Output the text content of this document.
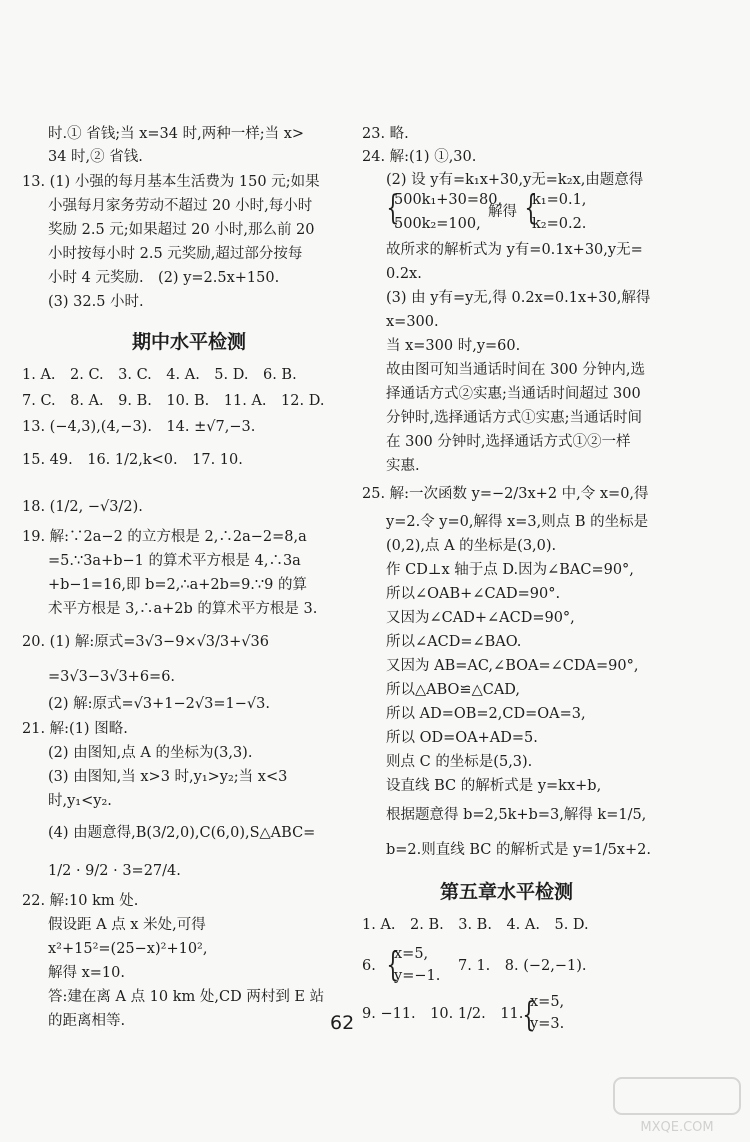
时.① 省钱;当 x=34 时,两种一样;当 x>
34 时,② 省钱.
13. (1) 小强的每月基本生活费为 150 元;如果
小强每月家务劳动不超过 20 小时,每小时
奖励 2.5 元;如果超过 20 小时,那么前 20
小时按每小时 2.5 元奖励,超过部分按每
小时 4 元奖励.　(2) y=2.5x+150.
(3) 32.5 小时.
期中水平检测
1. A.　2. C.　3. C.　4. A.　5. D.　6. B.
7. C.　8. A.　9. B.　10. B.　11. A.　12. D.
13. (−4,3),(4,−3).　14. ±√7,−3.
15. 49.　16. 1/2,k<0.　17. 10.
18. (1/2, −√3/2).
19. 解:∵2a−2 的立方根是 2,∴2a−2=8,a
=5.∵3a+b−1 的算术平方根是 4,∴3a
+b−1=16,即 b=2,∴a+2b=9.∵9 的算
术平方根是 3,∴a+2b 的算术平方根是 3.
20. (1) 解:原式=3√3−9×√3/3+√36
=3√3−3√3+6=6.
(2) 解:原式=√3+1−2√3=1−√3.
21. 解:(1) 图略.
(2) 由图知,点 A 的坐标为(3,3).
(3) 由图知,当 x>3 时,y₁>y₂;当 x<3
时,y₁<y₂.
(4) 由题意得,B(3/2,0),C(6,0),S△ABC=
1/2 · 9/2 · 3=27/4.
22. 解:10 km 处.
假设距 A 点 x 米处,可得
x²+15²=(25−x)²+10²,
解得 x=10.
答:建在离 A 点 10 km 处,CD 两村到 E 站
的距离相等.
23. 略.
24. 解:(1) ①,30.
(2) 设 y有=k₁x+30,y无=k₂x,由题意得
{
500k₁+30=80,
500k₂=100,
解得 {
k₁=0.1,
k₂=0.2.
故所求的解析式为 y有=0.1x+30,y无=
0.2x.
(3) 由 y有=y无,得 0.2x=0.1x+30,解得
x=300.
当 x=300 时,y=60.
故由图可知当通话时间在 300 分钟内,选
择通话方式②实惠;当通话时间超过 300
分钟时,选择通话方式①实惠;当通话时间
在 300 分钟时,选择通话方式①②一样
实惠.
25. 解:一次函数 y=−2/3x+2 中,令 x=0,得
y=2.令 y=0,解得 x=3,则点 B 的坐标是
(0,2),点 A 的坐标是(3,0).
作 CD⊥x 轴于点 D.因为∠BAC=90°,
所以∠OAB+∠CAD=90°.
又因为∠CAD+∠ACD=90°,
所以∠ACD=∠BAO.
又因为 AB=AC,∠BOA=∠CDA=90°,
所以△ABO≌△CAD,
所以 AD=OB=2,CD=OA=3,
所以 OD=OA+AD=5.
则点 C 的坐标是(5,3).
设直线 BC 的解析式是 y=kx+b,
根据题意得 b=2,5k+b=3,解得 k=1/5,
b=2.则直线 BC 的解析式是 y=1/5x+2.
第五章水平检测
1. A.　2. B.　3. B.　4. A.　5. D.
6. {
x=5,
y=−1.
7. 1.　8. (−2,−1).
9. −11.　10. 1/2.　11. {
x=5,
y=3.
62
MXQE.COM
